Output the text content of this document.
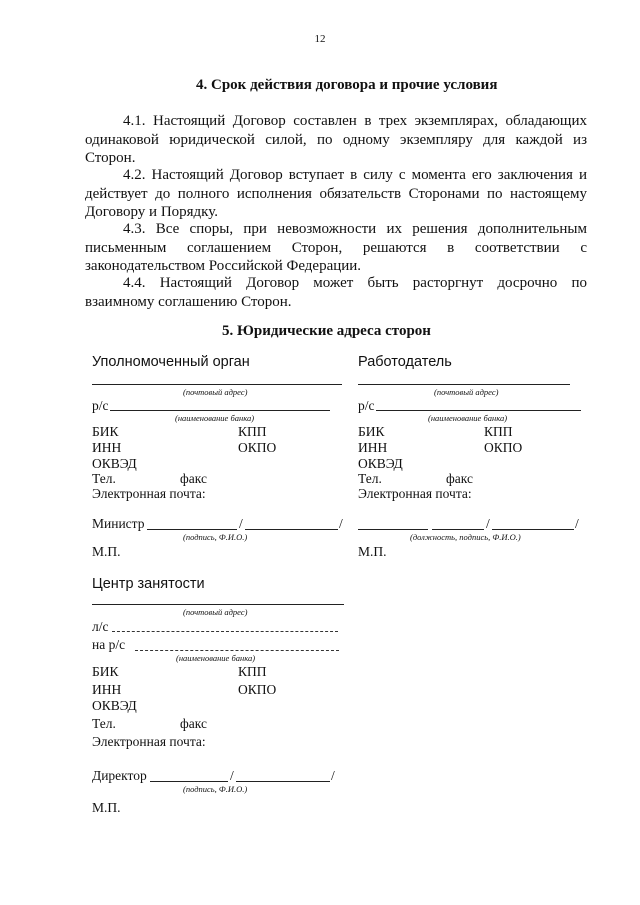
12
4. Срок действия договора и прочие условия
4.1. Настоящий Договор составлен в трех экземплярах, обладающих одинаковой юридической силой, по одному экземпляру для каждой из Сторон.
4.2. Настоящий Договор вступает в силу с момента его заключения и действует до полного исполнения обязательств Сторонами по настоящему Договору и Порядку.
4.3. Все споры, при невозможности их решения дополнительным письменным соглашением Сторон, решаются в соответствии с законодательством Российской Федерации.
4.4. Настоящий Договор может быть расторгнут досрочно по взаимному соглашению Сторон.
5. Юридические адреса сторон
Уполномоченный орган
(почтовый адрес)
р/с
(наименование банка)
БИК	КПП
ИНН	ОКПО
ОКВЭД
Тел.	факс
Электронная почта:
Министр	/	/
(подпись, Ф.И.О.)
М.П.
Работодатель
(почтовый адрес)
р/с
(наименование банка)
БИК	КПП
ИНН	ОКПО
ОКВЭД
Тел.	факс
Электронная почта:
/	/
(должность, подпись, Ф.И.О.)
М.П.
Центр занятости
(почтовый адрес)
л/с
на р/с
(наименование банка)
БИК	КПП
ИНН	ОКПО
ОКВЭД
Тел.	факс
Электронная почта:
Директор	/	/
(подпись, Ф.И.О.)
М.П.
